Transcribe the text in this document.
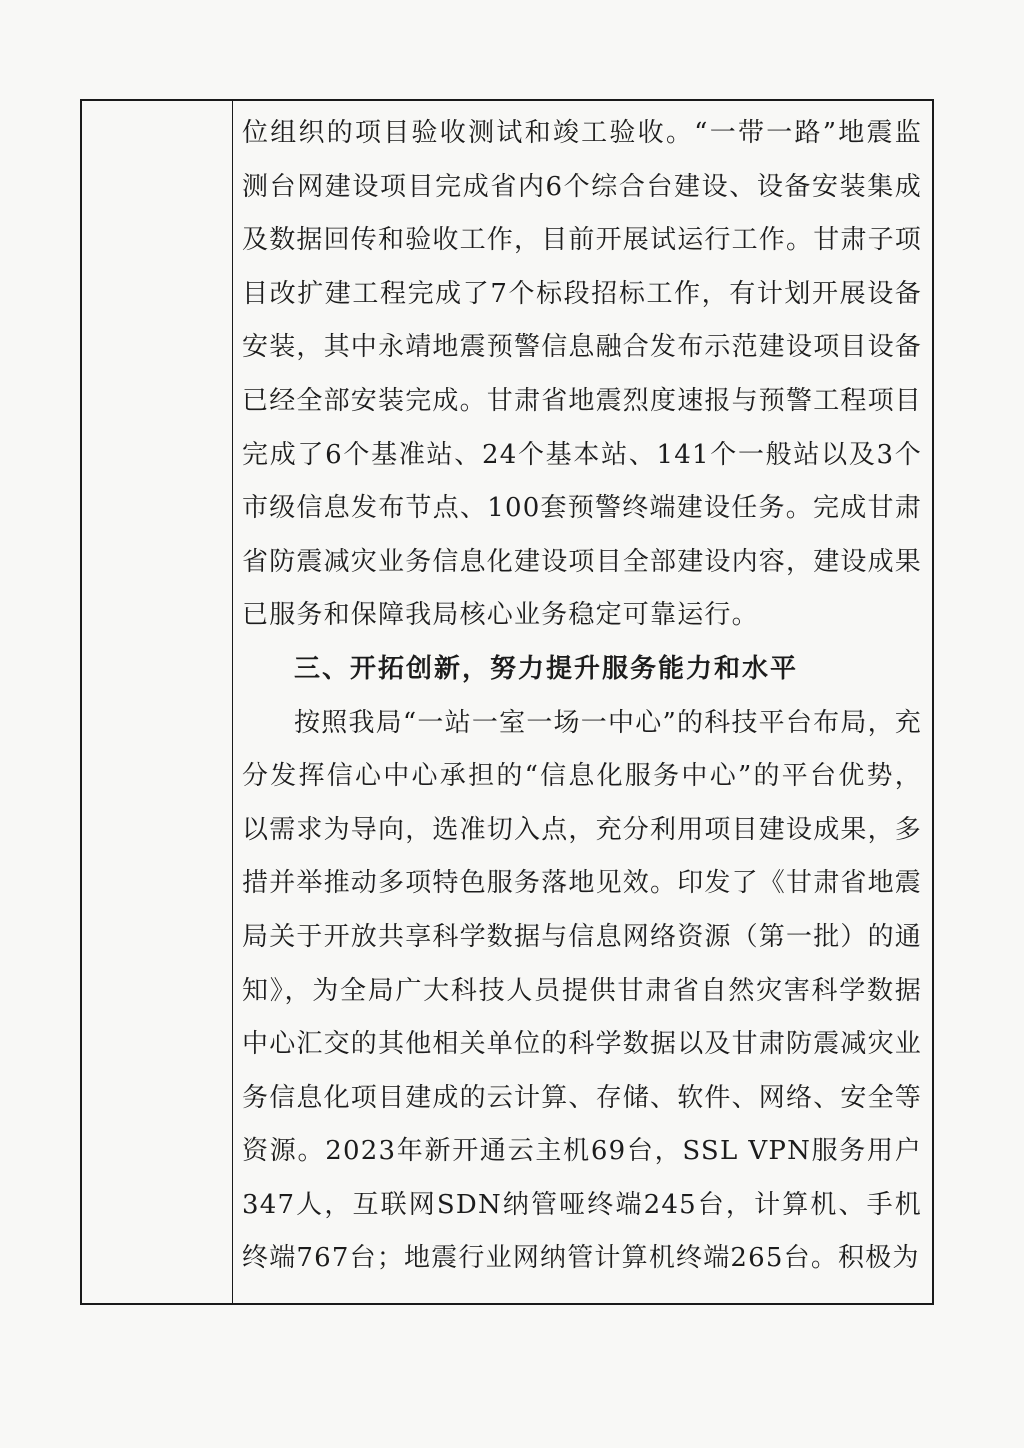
位组织的项目验收测试和竣工验收。“一带一路”地震监测台网建设项目完成省内6个综合台建设、设备安装集成及数据回传和验收工作，目前开展试运行工作。甘肃子项目改扩建工程完成了7个标段招标工作，有计划开展设备安装，其中永靖地震预警信息融合发布示范建设项目设备已经全部安装完成。甘肃省地震烈度速报与预警工程项目完成了6个基准站、24个基本站、141个一般站以及3个市级信息发布节点、100套预警终端建设任务。完成甘肃省防震减灾业务信息化建设项目全部建设内容，建设成果已服务和保障我局核心业务稳定可靠运行。

三、开拓创新，努力提升服务能力和水平

按照我局“一站一室一场一中心”的科技平台布局，充分发挥信心中心承担的“信息化服务中心”的平台优势，以需求为导向，选准切入点，充分利用项目建设成果，多措并举推动多项特色服务落地见效。印发了《甘肃省地震局关于开放共享科学数据与信息网络资源（第一批）的通知》，为全局广大科技人员提供甘肃省自然灾害科学数据中心汇交的其他相关单位的科学数据以及甘肃防震减灾业务信息化项目建成的云计算、存储、软件、网络、安全等资源。2023年新开通云主机69台，SSL VPN服务用户347人，互联网SDN纳管哑终端245台，计算机、手机终端767台；地震行业网纳管计算机终端265台。积极为
